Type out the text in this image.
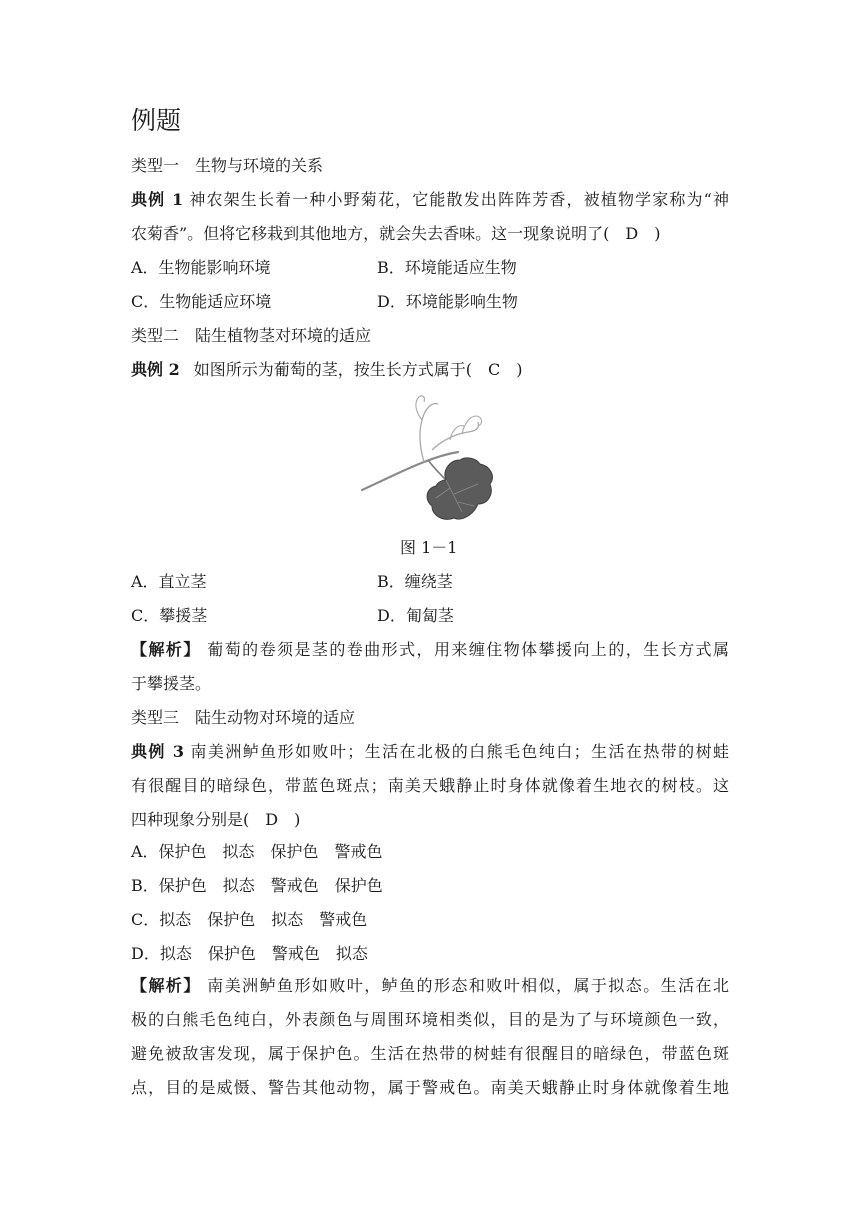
例题
类型一　生物与环境的关系
典例 1 神农架生长着一种小野菊花，它能散发出阵阵芳香，被植物学家称为“神
农菊香”。但将它移栽到其他地方，就会失去香味。这一现象说明了(　D　)
A．生物能影响环境	B．环境能适应生物
C．生物能适应环境	D．环境能影响生物
类型二　陆生植物茎对环境的适应
典例 2 如图所示为葡萄的茎，按生长方式属于(　C　)
图 1－1
A．直立茎	B．缠绕茎
C．攀援茎	D．匍匐茎
【解析】 葡萄的卷须是茎的卷曲形式，用来缠住物体攀援向上的，生长方式属
于攀援茎。
类型三　陆生动物对环境的适应
典例 3 南美洲鲈鱼形如败叶；生活在北极的白熊毛色纯白；生活在热带的树蛙
有很醒目的暗绿色，带蓝色斑点；南美天蛾静止时身体就像着生地衣的树枝。这
四种现象分别是(　D　)
A．保护色　拟态　保护色　警戒色
B．保护色　拟态　警戒色　保护色
C．拟态　保护色　拟态　警戒色
D．拟态　保护色　警戒色　拟态
【解析】 南美洲鲈鱼形如败叶，鲈鱼的形态和败叶相似，属于拟态。生活在北
极的白熊毛色纯白，外表颜色与周围环境相类似，目的是为了与环境颜色一致，
避免被敌害发现，属于保护色。生活在热带的树蛙有很醒目的暗绿色，带蓝色斑
点，目的是威慑、警告其他动物，属于警戒色。南美天蛾静止时身体就像着生地
